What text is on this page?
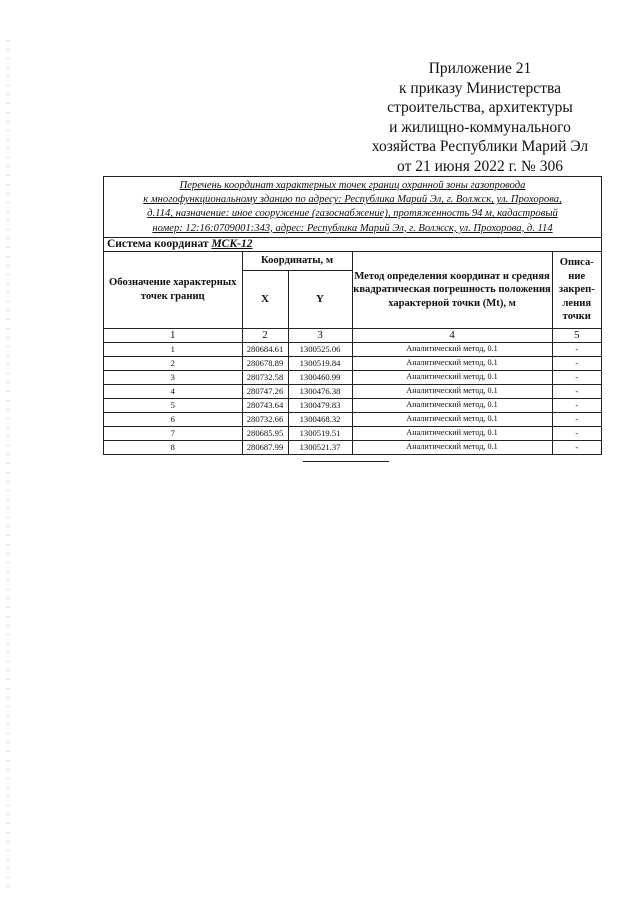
Приложение 21
к приказу Министерства
строительства, архитектуры
и жилищно-коммунального
хозяйства Республики Марий Эл
от 21 июня 2022 г. № 306
Перечень координат характерных точек границ охранной зоны газопровода
к многофункциональному зданию по адресу: Республика Марий Эл, г. Волжск, ул. Прохорова,
д.114, назначение: иное сооружение (газоснабжение), протяженность 94 м, кадастровый
номер: 12:16:0709001:343, адрес: Республика Марий Эл, г. Волжск, ул. Прохорова, д. 114
Система координат МСК-12
Обозначение характерных точек границ	Координаты, м		Метод определения координат и средняя квадратическая погрешность положения характерной точки (Mt), м	Описа-ние закреп-ления точки
	X	Y		
1	2	3	4	5
1	280684.61	1300525.06	Аналитический метод, 0.1	-
2	280678.89	1300519.84	Аналитический метод, 0.1	-
3	280732.58	1300460.99	Аналитический метод, 0.1	-
4	280747.26	1300476.38	Аналитический метод, 0.1	-
5	280743.64	1300479.83	Аналитический метод, 0.1	-
6	280732.66	1300468.32	Аналитический метод, 0.1	-
7	280685.95	1300519.51	Аналитический метод, 0.1	-
8	280687.99	1300521.37	Аналитический метод, 0.1	-
